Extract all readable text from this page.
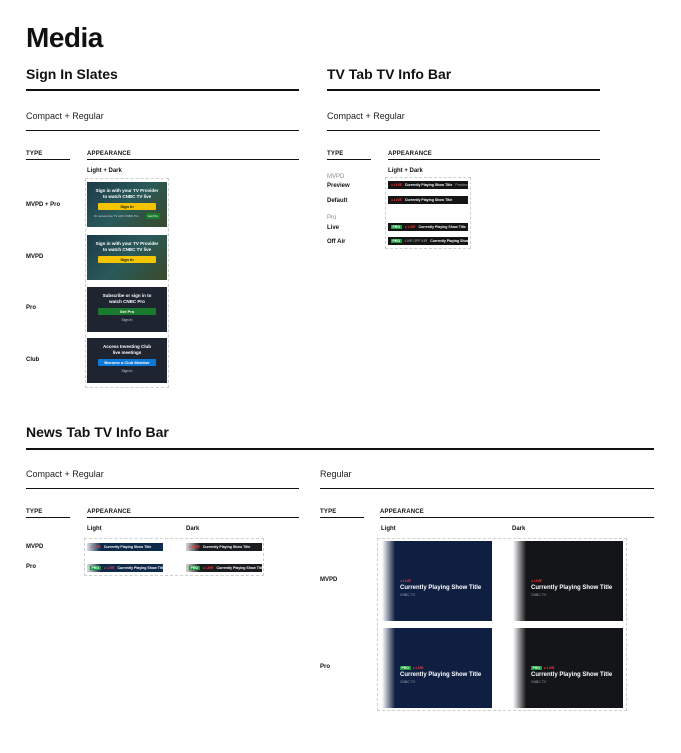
Media
Sign In Slates
Compact + Regular
TYPE	APPEARANCE
Light + Dark
MVPD + Pro
Sign in with your TV Provider
to watch CNBC TV live
Sign In
Or access live TV with CNBC Pro	Get Pro
MVPD
Sign in with your TV Provider
to watch CNBC TV live
Sign In
Pro
Subscribe or sign in to
watch CNBC Pro
Get Pro
Sign In
Club
Access Investing Club
live meetings
Become a Club Member
Sign In
TV Tab TV Info Bar
Compact + Regular
TYPE	APPEARANCE
Light + Dark
MVPD
Preview	● LIVE Currently Playing Show Title Preview 00:00
Default	● LIVE Currently Playing Show Title
Pro
Live	PRO	● LIVE Currently Playing Show Title
Off Air	PRO	LIVE OFF AIR Currently Playing Show Title
News Tab TV Info Bar
Compact + Regular
TYPE	APPEARANCE
Light	Dark
MVPD	● LIVE Currently Playing Show Title	● LIVE Currently Playing Show Title
Pro	PRO	● LIVE Currently Playing Show Title	PRO	● LIVE Currently Playing Show Title
Regular
TYPE	APPEARANCE
Light	Dark
MVPD	● LIVE
Currently Playing Show Title
CNBC TV
● LIVE
Currently Playing Show Title
CNBC TV
Pro	PRO	● LIVE
Currently Playing Show Title
CNBC TV
PRO	● LIVE
Currently Playing Show Title
CNBC TV
